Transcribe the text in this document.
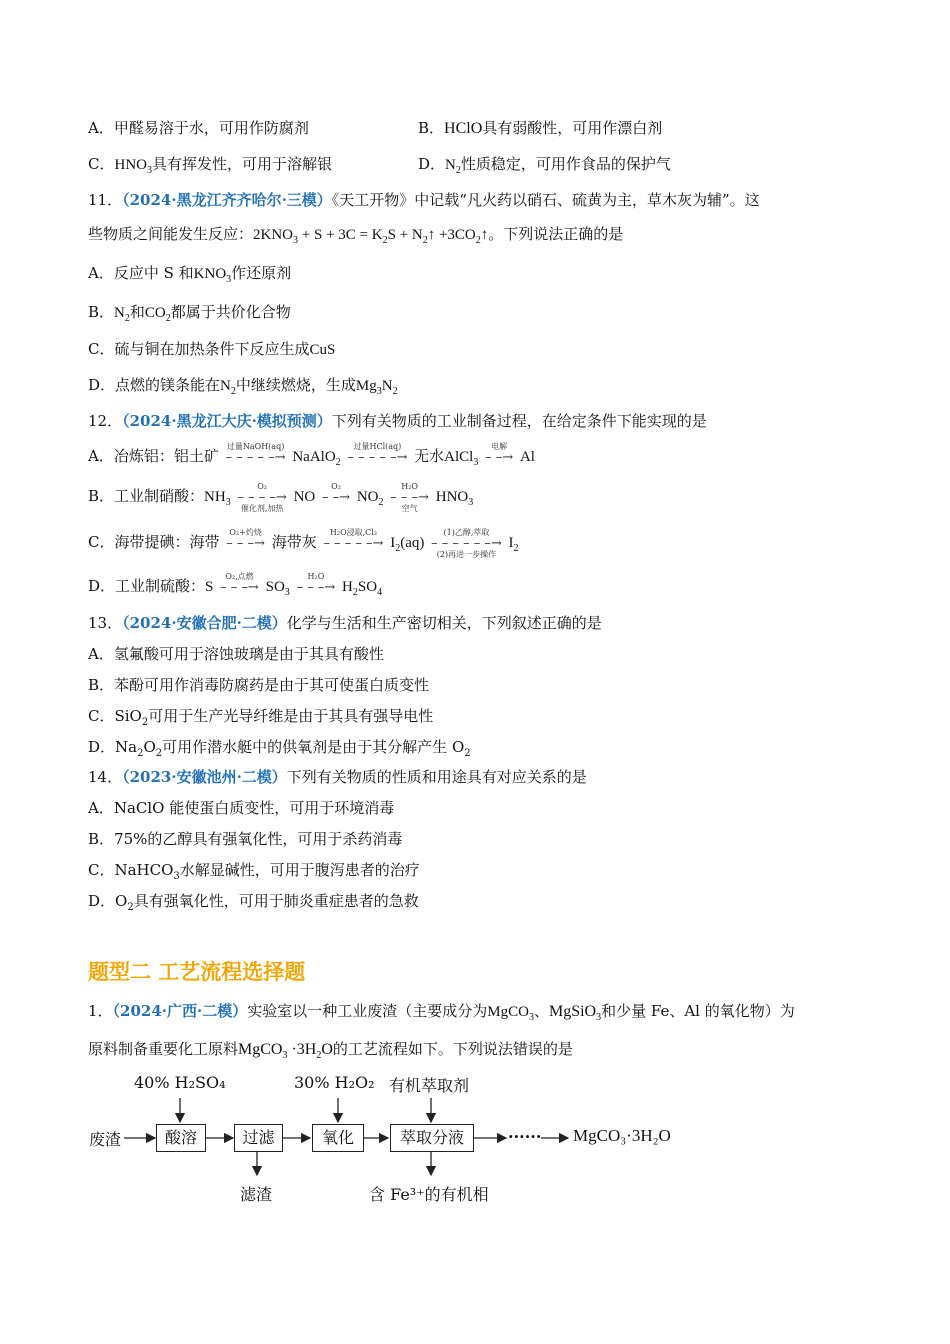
A．甲醛易溶于水，可用作防腐剂	B．HClO具有弱酸性，可用作漂白剂
C．$HNO_3$具有挥发性，可用于溶解银	D．$N_2$性质稳定，可用作食品的保护气
11．（2024·黑龙江齐齐哈尔·三模）《天工开物》中记载“凡火药以硝石、硫黄为主，草木灰为辅”。这
些物质之间能发生反应：$2KNO_3 + S + 3C = K_2S$ + $N_2↑$ $+3CO_2↑$。下列说法正确的是
A．反应中 S 和$KNO_3$作还原剂
B．$N_2$和$CO_2$都属于共价化合物
C．硫与铜在加热条件下反应生成CuS
D．点燃的镁条能在$N_2$中继续燃烧，生成$Mg_3N_2$
12．（2024·黑龙江大庆·模拟预测）下列有关物质的工业制备过程，在给定条件下能实现的是
A．冶炼铝：铝土矿
过量NaOH(aq)
– – – – –→ NaAlO$_2$
过量HCl(aq)
– – – – –→ 无水AlCl$_3$
电解
– –→ Al
B．工业制硝酸：$NH_3$
O₂
– – – –→
催化剂,加热
NO
O₂
– –→ $NO_2$
H₂O
– – –→
空气
$HNO_3$
C．海带提碘：海带
O₂+灼烧
– – –→ 海带灰
H₂O浸取,Cl₂
– – – – –→ $I_2(aq)$
(1)乙醇,萃取
– – – – – –→
(2)再进一步操作
$I_2$
D．工业制硫酸：S
O₂,点燃
– – –→ $SO_3$
H₂O
– – –→ $H_2SO_4$
13．（2024·安徽合肥·二模）化学与生活和生产密切相关，下列叙述正确的是
A．氢氟酸可用于溶蚀玻璃是由于其具有酸性
B．苯酚可用作消毒防腐药是由于其可使蛋白质变性
C．SiO$_2$可用于生产光导纤维是由于其具有强导电性
D．$Na_2O_2$可用作潜水艇中的供氧剂是由于其分解产生 $O_2$
14．（2023·安徽池州·二模）下列有关物质的性质和用途具有对应关系的是
A．NaClO 能使蛋白质变性，可用于环境消毒
B．75%的乙醇具有强氧化性，可用于杀药消毒
C．NaHCO$_3$水解显碱性，可用于腹泻患者的治疗
D．$O_2$具有强氧化性，可用于肺炎重症患者的急救
题型二 工艺流程选择题
1．（2024·广西·二模）实验室以一种工业废渣（主要成分为MgCO$_3$、MgSiO$_3$和少量 Fe、Al 的氧化物）为
原料制备重要化工原料MgCO$_3$ $\cdot 3H_2O$的工艺流程如下。下列说法错误的是
40% H₂SO₄	30% H₂O₂ 有机萃取剂
废渣	酸溶	过滤	氧化	萃取分液	······ MgCO₃·3H₂O
滤渣	含 Fe³⁺的有机相
